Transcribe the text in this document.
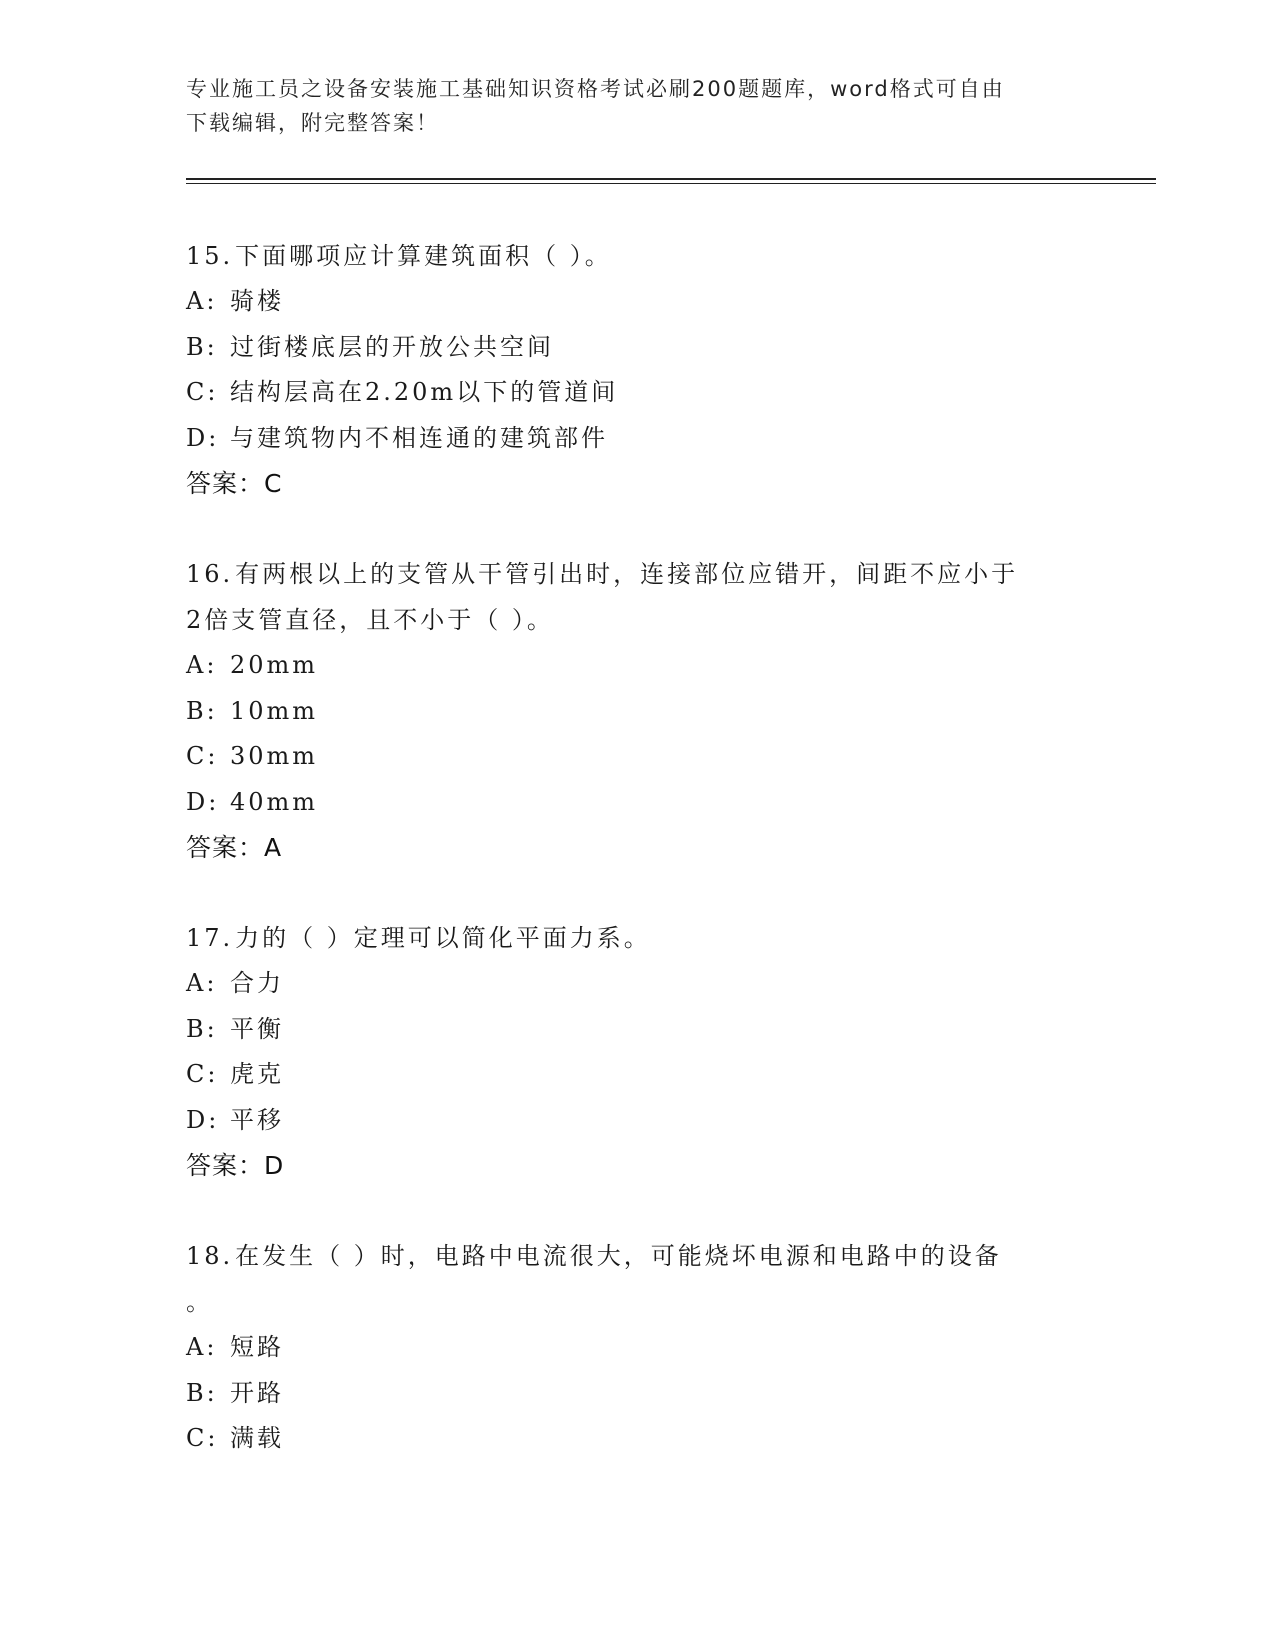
专业施工员之设备安装施工基础知识资格考试必刷200题题库，word格式可自由
下载编辑，附完整答案！
15.下面哪项应计算建筑面积（ ）。
A: 骑楼
B: 过街楼底层的开放公共空间
C: 结构层高在2.20m以下的管道间
D: 与建筑物内不相连通的建筑部件
答案：C
16.有两根以上的支管从干管引出时，连接部位应错开，间距不应小于
2倍支管直径，且不小于（ ）。
A: 20mm
B: 10mm
C: 30mm
D: 40mm
答案：A
17.力的（ ）定理可以简化平面力系。
A: 合力
B: 平衡
C: 虎克
D: 平移
答案：D
18.在发生（ ）时，电路中电流很大，可能烧坏电源和电路中的设备
。
A: 短路
B: 开路
C: 满载
